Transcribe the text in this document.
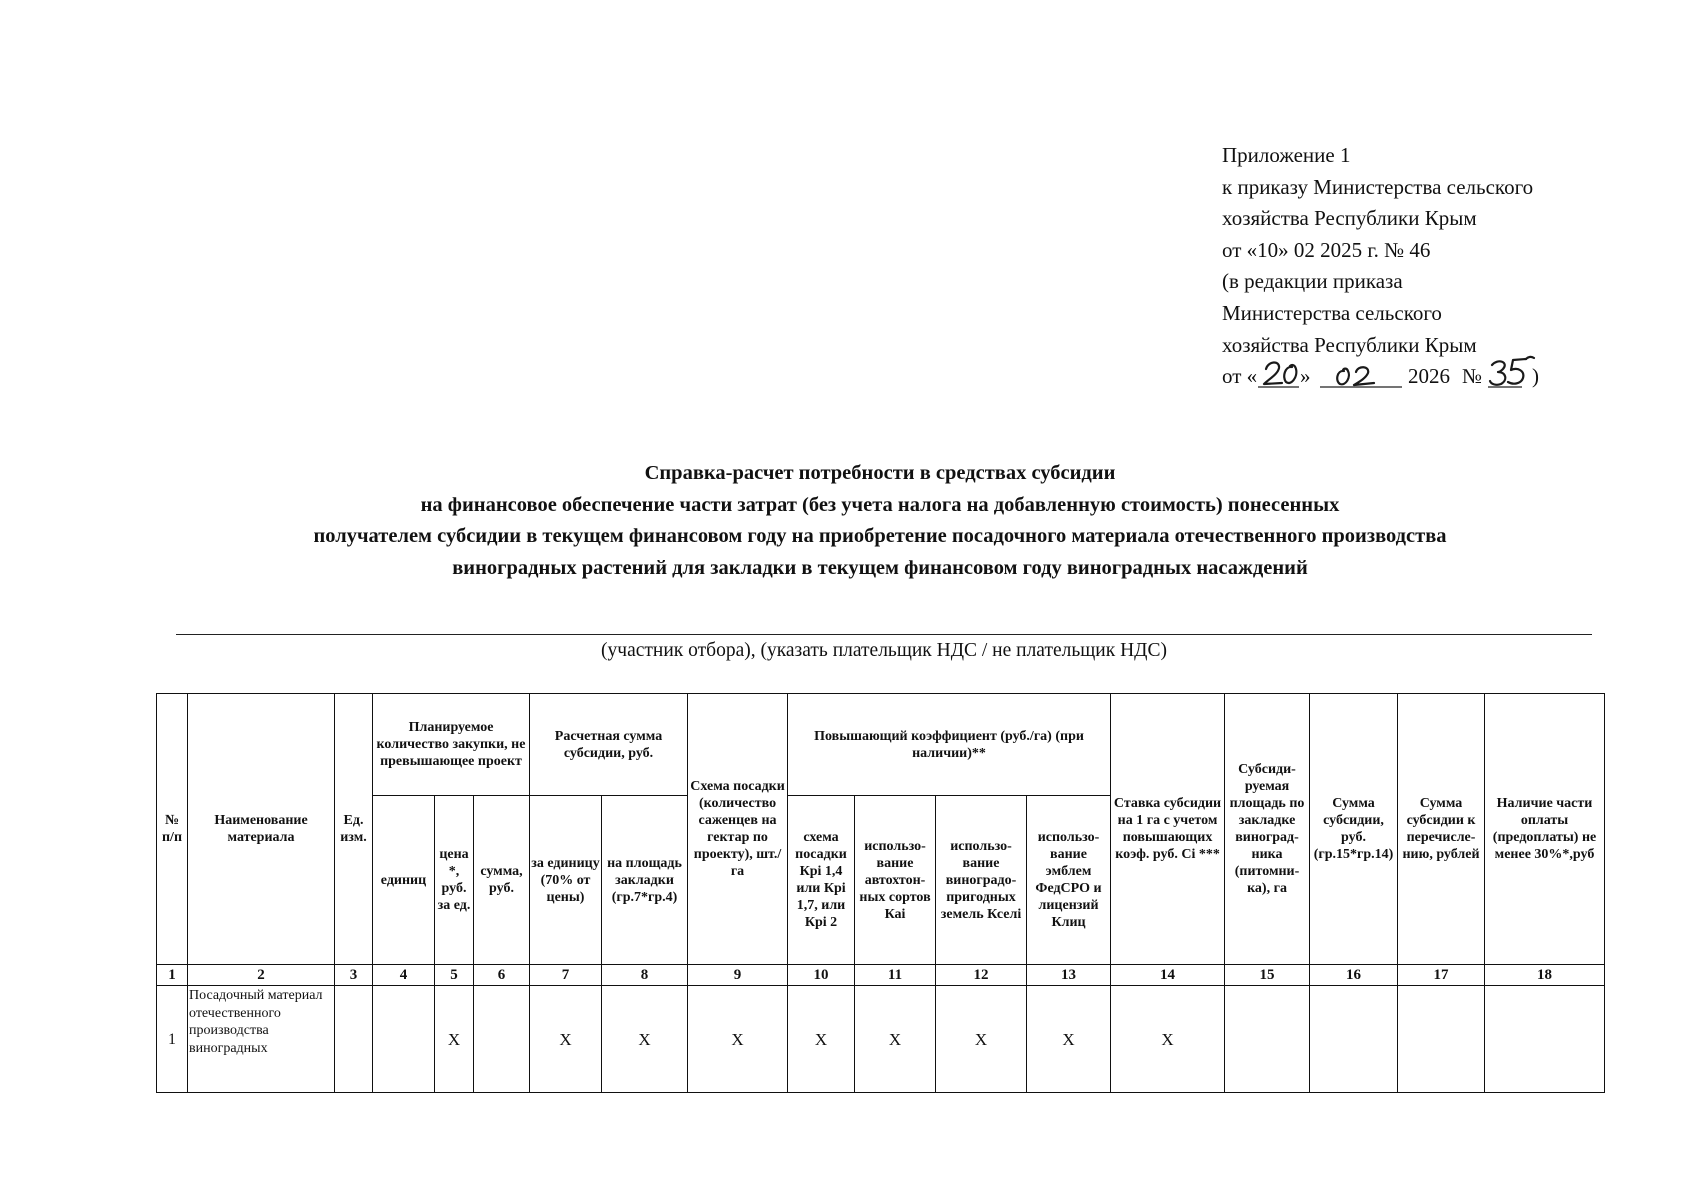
Приложение 1
к приказу Министерства сельского
хозяйства Республики Крым
от «10» 02 2025 г. № 46
(в редакции приказа
Министерства сельского
хозяйства Республики Крым
от « »	2026 № )
Справка-расчет потребности в средствах субсидии
на финансовое обеспечение части затрат (без учета налога на добавленную стоимость) понесенных
получателем субсидии в текущем финансовом году на приобретение посадочного материала отечественного производства
виноградных растений для закладки в текущем финансовом году виноградных насаждений
(участник отбора), (указать плательщик НДС / не плательщик НДС)
№ п/п	Наименование материала	Ед. изм.	Планируемое количество закупки, не превышающее проект			Расчетная сумма субсидии, руб.		Схема посадки (количество саженцев на гектар по проекту), шт./га	Повышающий коэффициент (руб./га) (при наличии)**				Ставка субсидии на 1 га с учетом повышающих коэф. руб. Сi ***	Субсиди-руемая площадь по закладке виноград-ника (питомни-ка), га	Сумма субсидии, руб. (гр.15*гр.14)	Сумма субсидии к перечисле-нию, рублей	Наличие части оплаты (предоплаты) не менее 30%*,руб
			единиц	цена *, руб. за ед.	сумма, руб.	за единицу (70% от цены)	на площадь закладки (гр.7*гр.4)		схема посадки Крi 1,4 или Крi 1,7, или Крi 2	использо-вание автохтон-ных сортов Каi	использо-вание виноградо-пригодных земель Кселi	использо-вание эмблем ФедСРО и лицензий Клиц					
1	2	3	4	5	6	7	8	9	10	11	12	13	14	15	16	17	18
1	Посадочный материал отечественного производства виноградных			Х		Х	Х	Х	Х	Х	Х	Х	Х				
